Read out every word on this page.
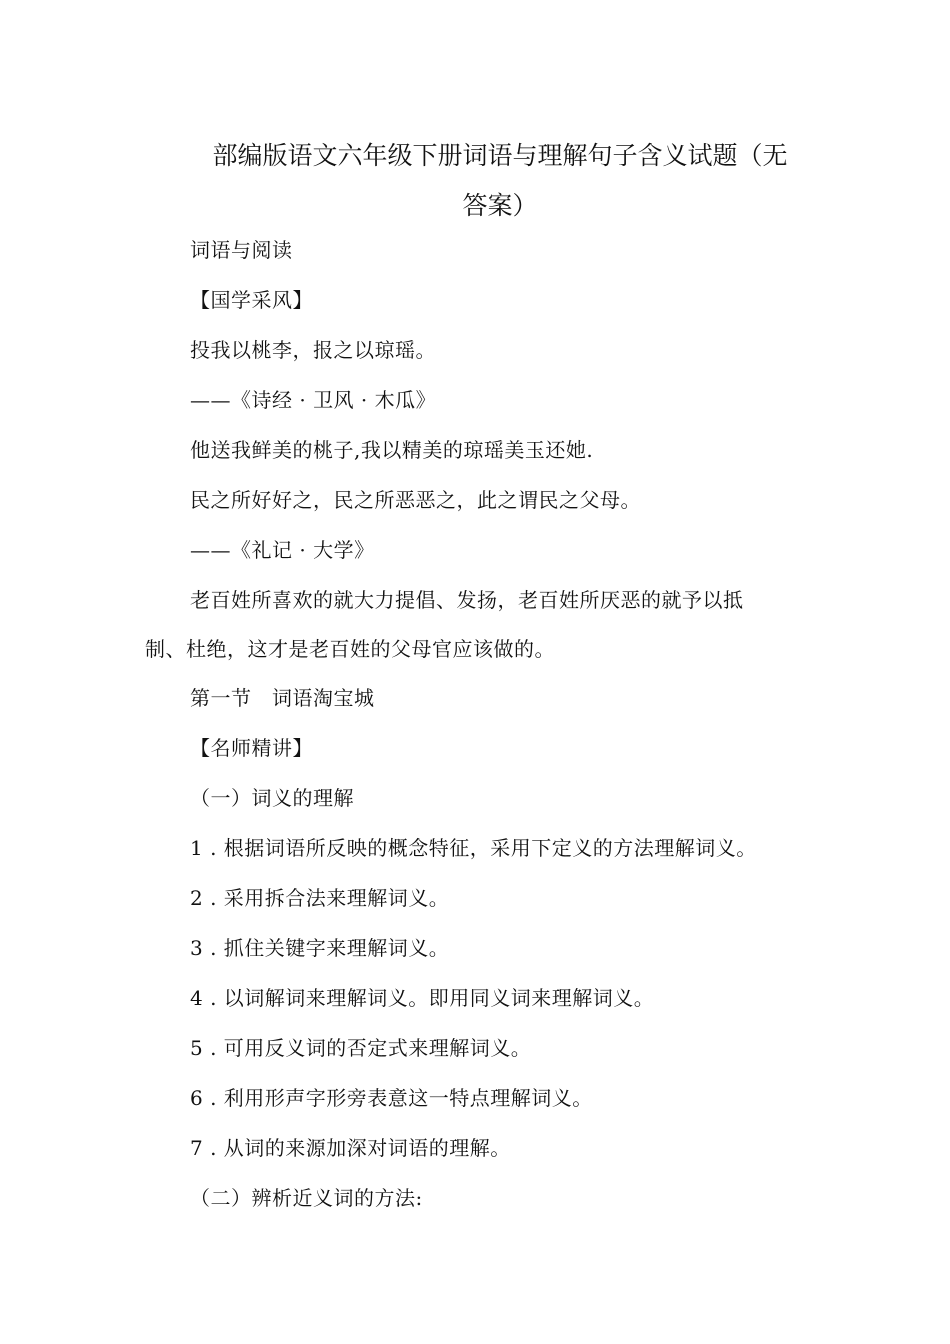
部编版语文六年级下册词语与理解句子含义试题（无
答案）
词语与阅读
【国学采风】
投我以桃李，报之以琼瑶。
——《诗经 · 卫风 · 木瓜》
他送我鲜美的桃子,我以精美的琼瑶美玉还她.
民之所好好之，民之所恶恶之，此之谓民之父母。
——《礼记 · 大学》
老百姓所喜欢的就大力提倡、发扬，老百姓所厌恶的就予以抵
制、杜绝，这才是老百姓的父母官应该做的。
第一节　词语淘宝城
【名师精讲】
（一）词义的理解
1 . 根据词语所反映的概念特征，采用下定义的方法理解词义。
2 . 采用拆合法来理解词义。
3 . 抓住关键字来理解词义。
4 . 以词解词来理解词义。即用同义词来理解词义。
5 . 可用反义词的否定式来理解词义。
6 . 利用形声字形旁表意这一特点理解词义。
7 . 从词的来源加深对词语的理解。
（二）辨析近义词的方法:
